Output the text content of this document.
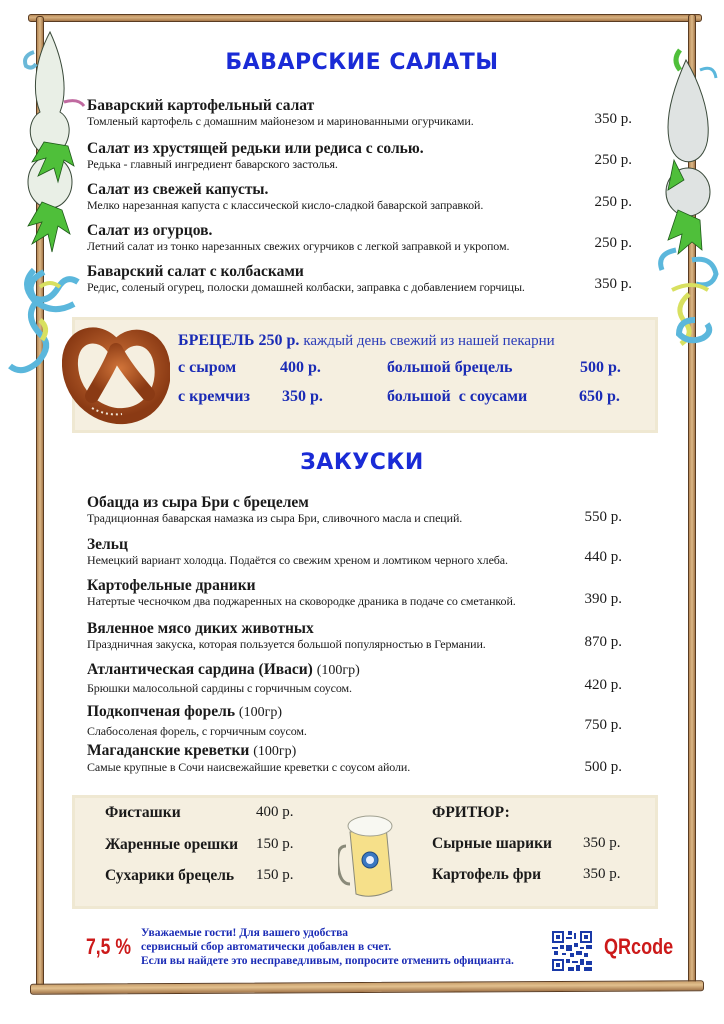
БАВАРСКИЕ САЛАТЫ
Баварский картофельный салат
Томленый картофель с домашним майонезом и маринованными огурчиками.	350 р.
Салат из хрустящей редьки или редиса с солью.
Редька - главный ингредиент баварского застолья.	250 р.
Салат из свежей капусты.
Мелко нарезанная капуста с классической кисло-сладкой баварской заправкой.	250 р.
Салат из огурцов.
Летний салат из тонко нарезанных свежих огурчиков с легкой заправкой и укропом.	250 р.
Баварский салат с колбасками
Редис, соленый огурец, полоски домашней колбаски, заправка с добавлением горчицы.	350 р.
БРЕЦЕЛЬ 250 р. каждый день свежий из нашей пекарни
с сыром	400 р.
с кремчиз 350 р.
большой брецель	500 р.
большой  с соусами	650 р.
ЗАКУСКИ
Обацда из сыра Бри с брецелем
Традиционная баварская намазка из сыра Бри, сливочного масла и специй.	550 р.
Зельц
Немецкий вариант холодца. Подаётся со свежим хреном и ломтиком черного хлеба.	440 р.
Картофельные драники
Натертые чесночком два поджаренных на сковородке драника в подаче со сметанкой.	390 р.
Вяленное мясо диких животных
Праздничная закуска, которая пользуется большой популярностью в Германии.	870 р.
Атлантическая сардина (Иваси) (100гр)
Брюшки малосольной сардины с горчичным соусом.	420 р.
Подкопченая форель (100гр)
Слабосоленая форель, с горчичным соусом.	750 р.
Магаданские креветки (100гр)
Самые крупные в Сочи наисвежайшие креветки с соусом айоли.	500 р.
Фисташки	400 р.
Жаренные орешки 150 р.
Сухарики брецель 150 р.
ФРИТЮР:
Сырные шарики 350 р.
Картофель фри	350 р.
7,5 %
Уважаемые гости! Для вашего удобства
сервисный сбор автоматически добавлен в счет.
Если вы найдете это несправедливым, попросите отменить официанта.
QRcode
